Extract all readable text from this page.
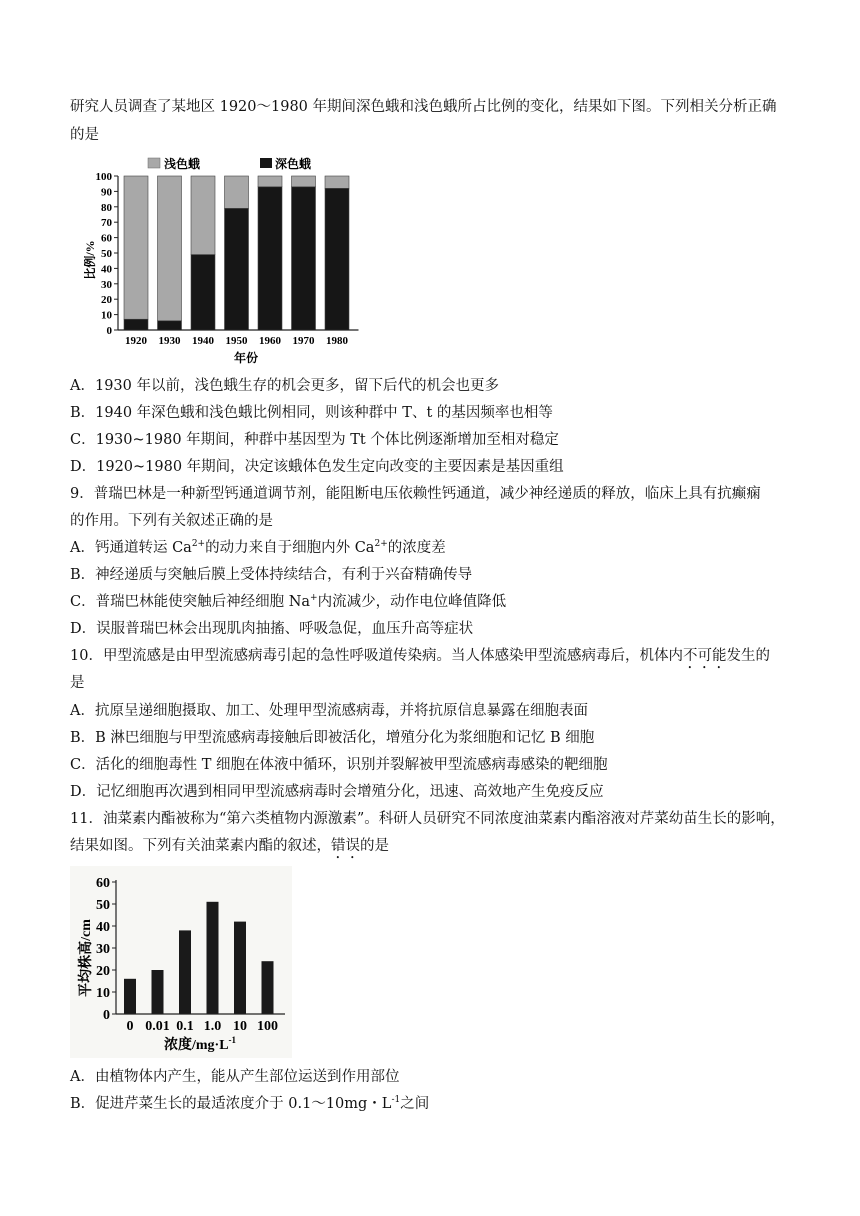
研究人员调查了某地区 1920～1980 年期间深色蛾和浅色蛾所占比例的变化，结果如下图。下列相关分析正确
的是
浅色蛾	深色蛾
比例/%
年份
0
10
20
30
40
50
60
70
80
90
100
1920 1930 1940 1950 1960 1970 1980
A．1930 年以前，浅色蛾生存的机会更多，留下后代的机会也更多
B．1940 年深色蛾和浅色蛾比例相同，则该种群中 T、t 的基因频率也相等
C．1930~1980 年期间，种群中基因型为 Tt 个体比例逐渐增加至相对稳定
D．1920~1980 年期间，决定该蛾体色发生定向改变的主要因素是基因重组
9．普瑞巴林是一种新型钙通道调节剂，能阻断电压依赖性钙通道，减少神经递质的释放，临床上具有抗癫痫
的作用。下列有关叙述正确的是
A．钙通道转运 $Ca^{2+}$的动力来自于细胞内外 $Ca^{2+}$的浓度差
B．神经递质与突触后膜上受体持续结合，有利于兴奋精确传导
C．普瑞巴林能使突触后神经细胞 Na+内流减少，动作电位峰值降低
D．误服普瑞巴林会出现肌肉抽搐、呼吸急促，血压升高等症状
10．甲型流感是由甲型流感病毒引起的急性呼吸道传染病。当人体感染甲型流感病毒后，机体内不可能发生的
是
A．抗原呈递细胞摄取、加工、处理甲型流感病毒，并将抗原信息暴露在细胞表面
B．B 淋巴细胞与甲型流感病毒接触后即被活化，增殖分化为浆细胞和记忆 B 细胞
C．活化的细胞毒性 T 细胞在体液中循环，识别并裂解被甲型流感病毒感染的靶细胞
D．记忆细胞再次遇到相同甲型流感病毒时会增殖分化，迅速、高效地产生免疫反应
11．油菜素内酯被称为“第六类植物内源激素”。科研人员研究不同浓度油菜素内酯溶液对芹菜幼苗生长的影响，
结果如图。下列有关油菜素内酯的叙述，错误的是
平均株高/cm
浓度$/mg\cdot L^{-1}$
0
10
20
30
40
50
60
0 0.01 0.1 1.0 10 100
A．由植物体内产生，能从产生部位运送到作用部位
B．促进芹菜生长的最适浓度介于 0.1～10mg・$L^{-1}$之间
